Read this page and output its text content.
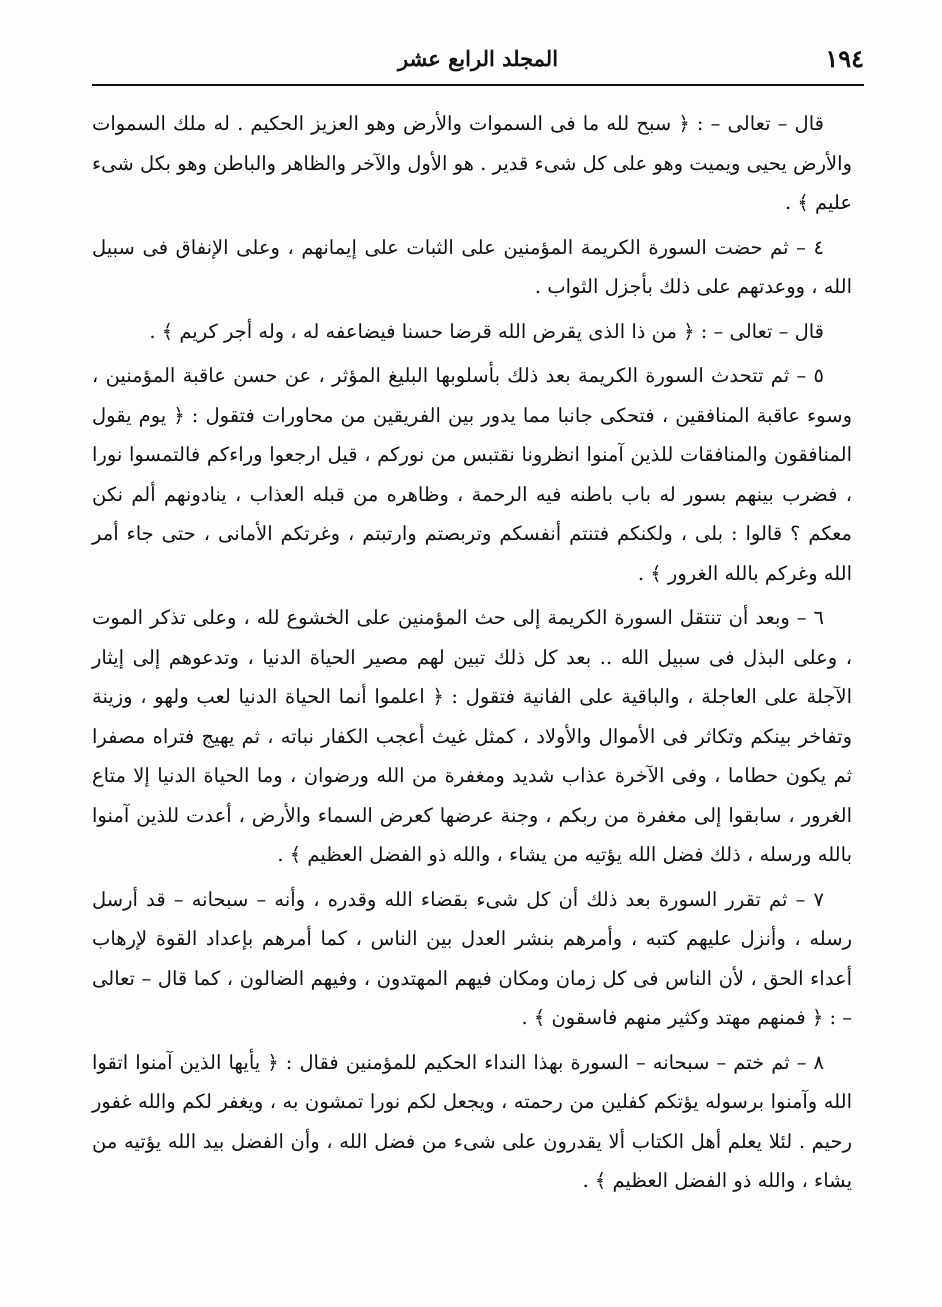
١٩٤
المجلد الرابع عشر

قال – تعالى – : ﴿ سبح لله ما فى السموات والأرض وهو العزيز الحكيم . له ملك السموات والأرض يحيى ويميت وهو على كل شىء قدير . هو الأول والآخر والظاهر والباطن وهو بكل شىء عليم ﴾ .

٤ – ثم حضت السورة الكريمة المؤمنين على الثبات على إيمانهم ، وعلى الإنفاق فى سبيل الله ، ووعدتهم على ذلك بأجزل الثواب .

قال – تعالى – : ﴿ من ذا الذى يقرض الله قرضا حسنا فيضاعفه له ، وله أجر كريم ﴾ .

٥ – ثم تتحدث السورة الكريمة بعد ذلك بأسلوبها البليغ المؤثر ، عن حسن عاقبة المؤمنين ، وسوء عاقبة المنافقين ، فتحكى جانبا مما يدور بين الفريقين من محاورات فتقول : ﴿ يوم يقول المنافقون والمنافقات للذين آمنوا انظرونا نقتبس من نوركم ، قيل ارجعوا وراءكم فالتمسوا نورا ، فضرب بينهم بسور له باب باطنه فيه الرحمة ، وظاهره من قبله العذاب ، ينادونهم ألم نكن معكم ؟ قالوا : بلى ، ولكنكم فتنتم أنفسكم وتربصتم وارتبتم ، وغرتكم الأمانى ، حتى جاء أمر الله وغركم بالله الغرور ﴾ .

٦ – وبعد أن تنتقل السورة الكريمة إلى حث المؤمنين على الخشوع لله ، وعلى تذكر الموت ، وعلى البذل فى سبيل الله .. بعد كل ذلك تبين لهم مصير الحياة الدنيا ، وتدعوهم إلى إيثار الآجلة على العاجلة ، والباقية على الفانية فتقول : ﴿ اعلموا أنما الحياة الدنيا لعب ولهو ، وزينة وتفاخر بينكم وتكاثر فى الأموال والأولاد ، كمثل غيث أعجب الكفار نباته ، ثم يهيج فتراه مصفرا ثم يكون حطاما ، وفى الآخرة عذاب شديد ومغفرة من الله ورضوان ، وما الحياة الدنيا إلا متاع الغرور ، سابقوا إلى مغفرة من ربكم ، وجنة عرضها كعرض السماء والأرض ، أعدت للذين آمنوا بالله ورسله ، ذلك فضل الله يؤتيه من يشاء ، والله ذو الفضل العظيم ﴾ .

٧ – ثم تقرر السورة بعد ذلك أن كل شىء بقضاء الله وقدره ، وأنه – سبحانه – قد أرسل رسله ، وأنزل عليهم كتبه ، وأمرهم بنشر العدل بين الناس ، كما أمرهم بإعداد القوة لإرهاب أعداء الحق ، لأن الناس فى كل زمان ومكان فيهم المهتدون ، وفيهم الضالون ، كما قال – تعالى – : ﴿ فمنهم مهتد وكثير منهم فاسقون ﴾ .

٨ – ثم ختم – سبحانه – السورة بهذا النداء الحكيم للمؤمنين فقال : ﴿ يأيها الذين آمنوا اتقوا الله وآمنوا برسوله يؤتكم كفلين من رحمته ، ويجعل لكم نورا تمشون به ، ويغفر لكم والله غفور رحيم . لئلا يعلم أهل الكتاب ألا يقدرون على شىء من فضل الله ، وأن الفضل بيد الله يؤتيه من يشاء ، والله ذو الفضل العظيم ﴾ .
